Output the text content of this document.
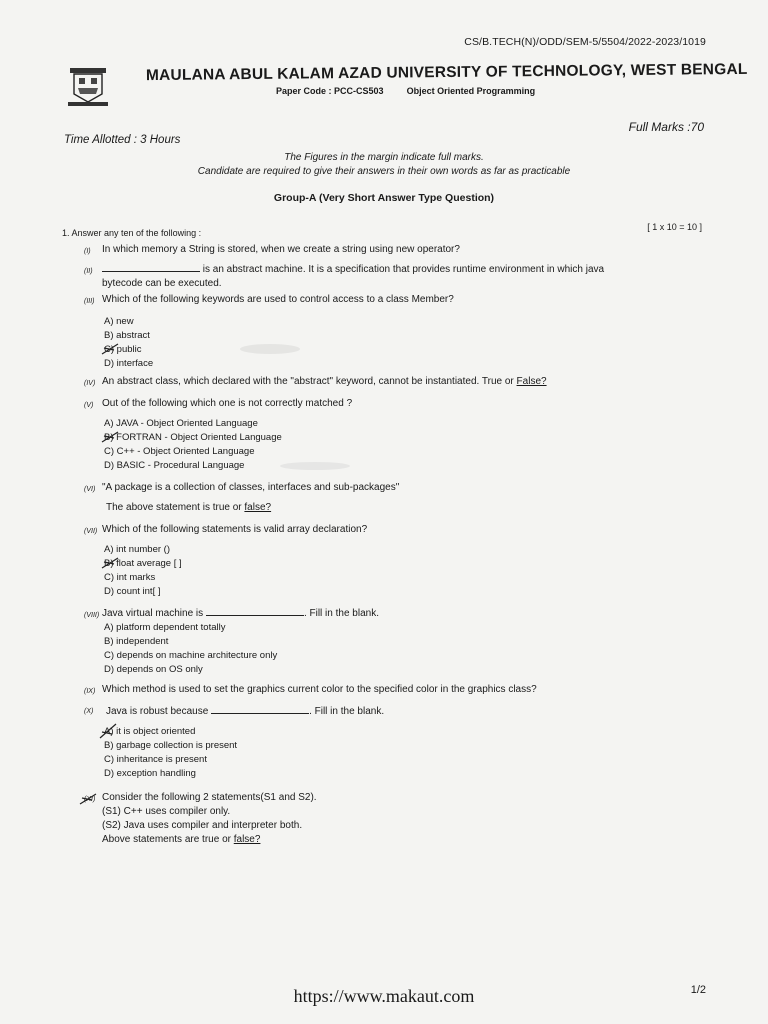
CS/B.TECH(N)/ODD/SEM-5/5504/2022-2023/1019
MAULANA ABUL KALAM AZAD UNIVERSITY OF TECHNOLOGY, WEST BENGAL
Paper Code : PCC-CS503	Object Oriented Programming
Time Allotted : 3 Hours
Full Marks :70
The Figures in the margin indicate full marks.
Candidate are required to give their answers in their own words as far as practicable
Group-A (Very Short Answer Type Question)
1. Answer any ten of the following :
[ 1 x 10 = 10 ]
(I) In which memory a String is stored, when we create a string using new operator?
(II)	is an abstract machine. It is a specification that provides runtime environment in which java
bytecode can be executed.
(III) Which of the following keywords are used to control access to a class Member?
A) new
B) abstract
C) public
D) interface
(IV) An abstract class, which declared with the "abstract" keyword, cannot be instantiated. True or False?
(V) Out of the following which one is not correctly matched ?
A) JAVA - Object Oriented Language
B) FORTRAN - Object Oriented Language
C) C++ - Object Oriented Language
D) BASIC - Procedural Language
(VI) "A package is a collection of classes, interfaces and sub-packages"
The above statement is true or false?
(VII) Which of the following statements is valid array declaration?
A) int number ()
B) float average [ ]
C) int marks
D) count int[ ]
(VIII) Java virtual machine is	. Fill in the blank.
A) platform dependent totally
B) independent
C) depends on machine architecture only
D) depends on OS only
(IX) Which method is used to set the graphics current color to the specified color in the graphics class?
(X) Java is robust because	. Fill in the blank.
A) it is object oriented
B) garbage collection is present
C) inheritance is present
D) exception handling
(XI) Consider the following 2 statements(S1 and S2).
(S1) C++ uses compiler only.
(S2) Java uses compiler and interpreter both.
Above statements are true or false?
https://www.makaut.com	1/2
